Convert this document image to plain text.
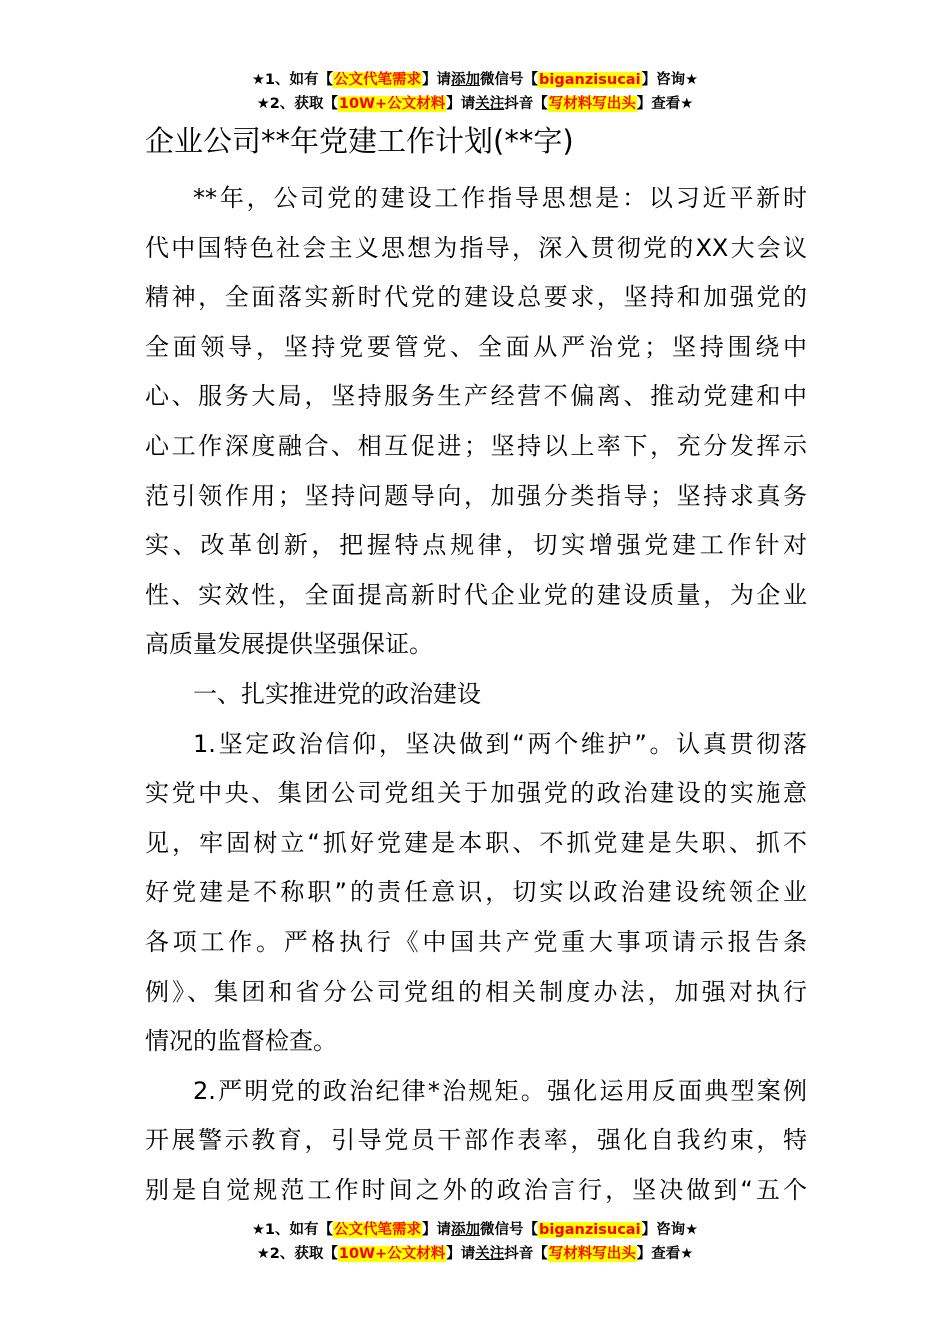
★1、如有【公文代笔需求】请添加微信号【biganzisucai】咨询★
★2、获取【10W+公文材料】请关注抖音【写材料写出头】查看★
企业公司**年党建工作计划(**字)
**年，公司党的建设工作指导思想是：以习近平新时
代中国特色社会主义思想为指导，深入贯彻党的XX大会议
精神，全面落实新时代党的建设总要求，坚持和加强党的
全面领导，坚持党要管党、全面从严治党；坚持围绕中
心、服务大局，坚持服务生产经营不偏离、推动党建和中
心工作深度融合、相互促进；坚持以上率下，充分发挥示
范引领作用；坚持问题导向，加强分类指导；坚持求真务
实、改革创新，把握特点规律，切实增强党建工作针对
性、实效性，全面提高新时代企业党的建设质量，为企业
高质量发展提供坚强保证。
一、扎实推进党的政治建设
1.坚定政治信仰，坚决做到“两个维护”。认真贯彻落
实党中央、集团公司党组关于加强党的政治建设的实施意
见，牢固树立“抓好党建是本职、不抓党建是失职、抓不
好党建是不称职”的责任意识，切实以政治建设统领企业
各项工作。严格执行《中国共产党重大事项请示报告条
例》、集团和省分公司党组的相关制度办法，加强对执行
情况的监督检查。
2.严明党的政治纪律*治规矩。强化运用反面典型案例
开展警示教育，引导党员干部作表率，强化自我约束，特
别是自觉规范工作时间之外的政治言行，坚决做到“五个
★1、如有【公文代笔需求】请添加微信号【biganzisucai】咨询★
★2、获取【10W+公文材料】请关注抖音【写材料写出头】查看★
